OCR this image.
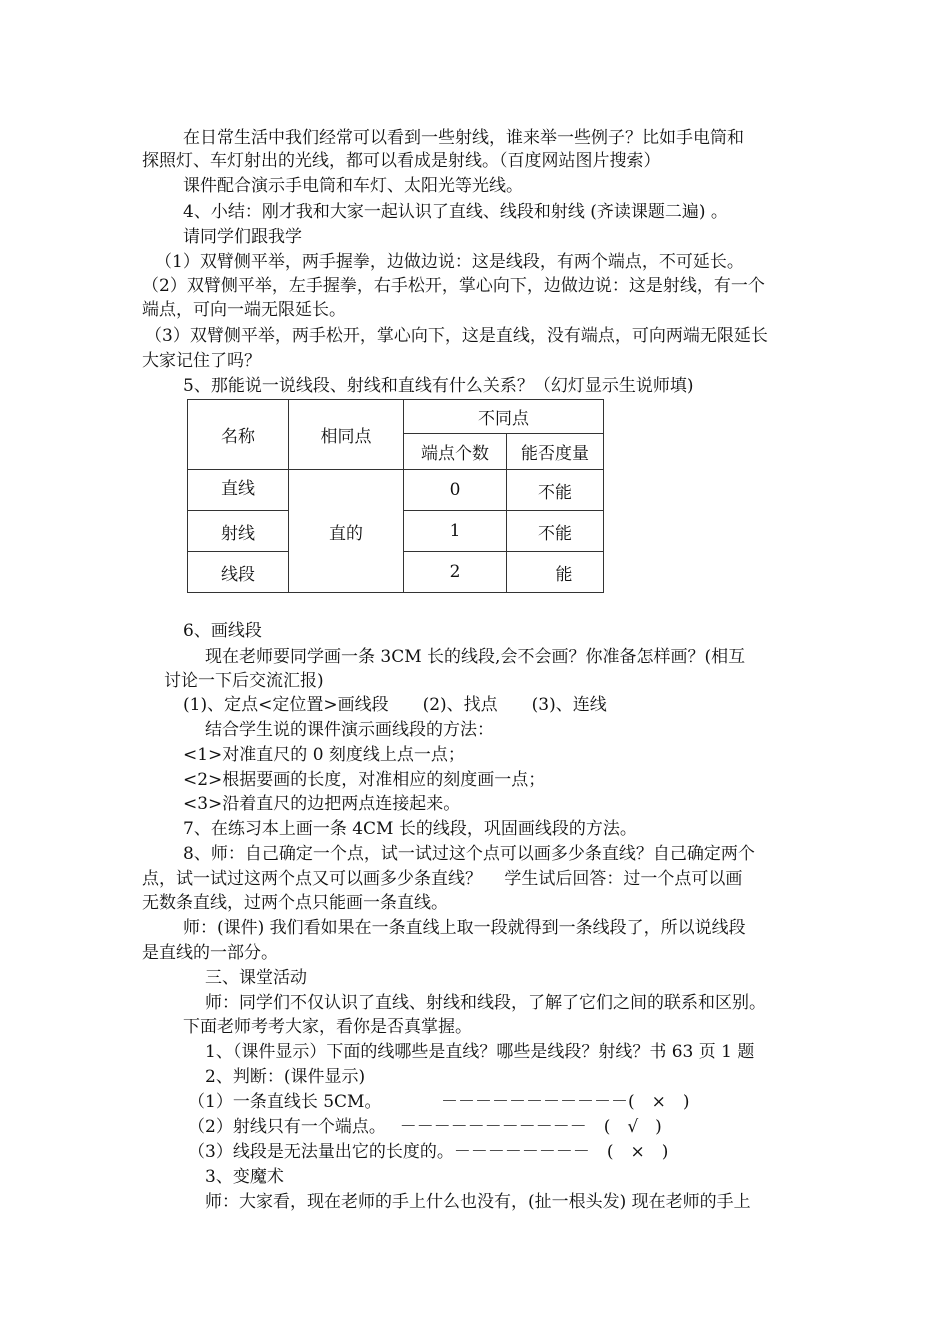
在日常生活中我们经常可以看到一些射线，谁来举一些例子？比如手电筒和
探照灯、车灯射出的光线，都可以看成是射线。（百度网站图片搜索）
课件配合演示手电筒和车灯、太阳光等光线。
4、小结：刚才我和大家一起认识了直线、线段和射线 (齐读课题二遍) 。
请同学们跟我学
（1）双臂侧平举，两手握拳，边做边说：这是线段，有两个端点，不可延长。
（2）双臂侧平举，左手握拳，右手松开，掌心向下，边做边说：这是射线，有一个
端点，可向一端无限延长。
（3）双臂侧平举，两手松开，掌心向下，这是直线，没有端点，可向两端无限延长
大家记住了吗？
5、那能说一说线段、射线和直线有什么关系？（幻灯显示生说师填)
名称	相同点	不同点	
		端点个数	能否度量
直线	直的	0	不能
射线		1	不能
线段		2	能
6、画线段
现在老师要同学画一条 3CM 长的线段,会不会画？你准备怎样画？(相互
讨论一下后交流汇报)
(1)、定点<定位置>画线段　　(2)、找点　　(3)、连线
结合学生说的课件演示画线段的方法：
<1>对准直尺的 0 刻度线上点一点；
<2>根据要画的长度，对准相应的刻度画一点；
<3>沿着直尺的边把两点连接起来。
7、在练习本上画一条 4CM 长的线段，巩固画线段的方法。
8、师：自己确定一个点，试一试过这个点可以画多少条直线？自己确定两个
点，试一试过这两个点又可以画多少条直线？　 学生试后回答：过一个点可以画
无数条直线，过两个点只能画一条直线。
师：(课件) 我们看如果在一条直线上取一段就得到一条线段了，所以说线段
是直线的一部分。
三、课堂活动
师：同学们不仅认识了直线、射线和线段，了解了它们之间的联系和区别。
下面老师考考大家，看你是否真掌握。
1、（课件显示）下面的线哪些是直线？哪些是线段？射线？书 63 页 1 题
2、判断：(课件显示)
（1）一条直线长 5CM。　　　　－－－－－－－－－－－(　×　)
（2）射线只有一个端点。　 －－－－－－－－－－－　(　√　)
（3）线段是无法量出它的长度的。－－－－－－－－　(　×　)
3、变魔术
师：大家看，现在老师的手上什么也没有，(扯一根头发) 现在老师的手上
